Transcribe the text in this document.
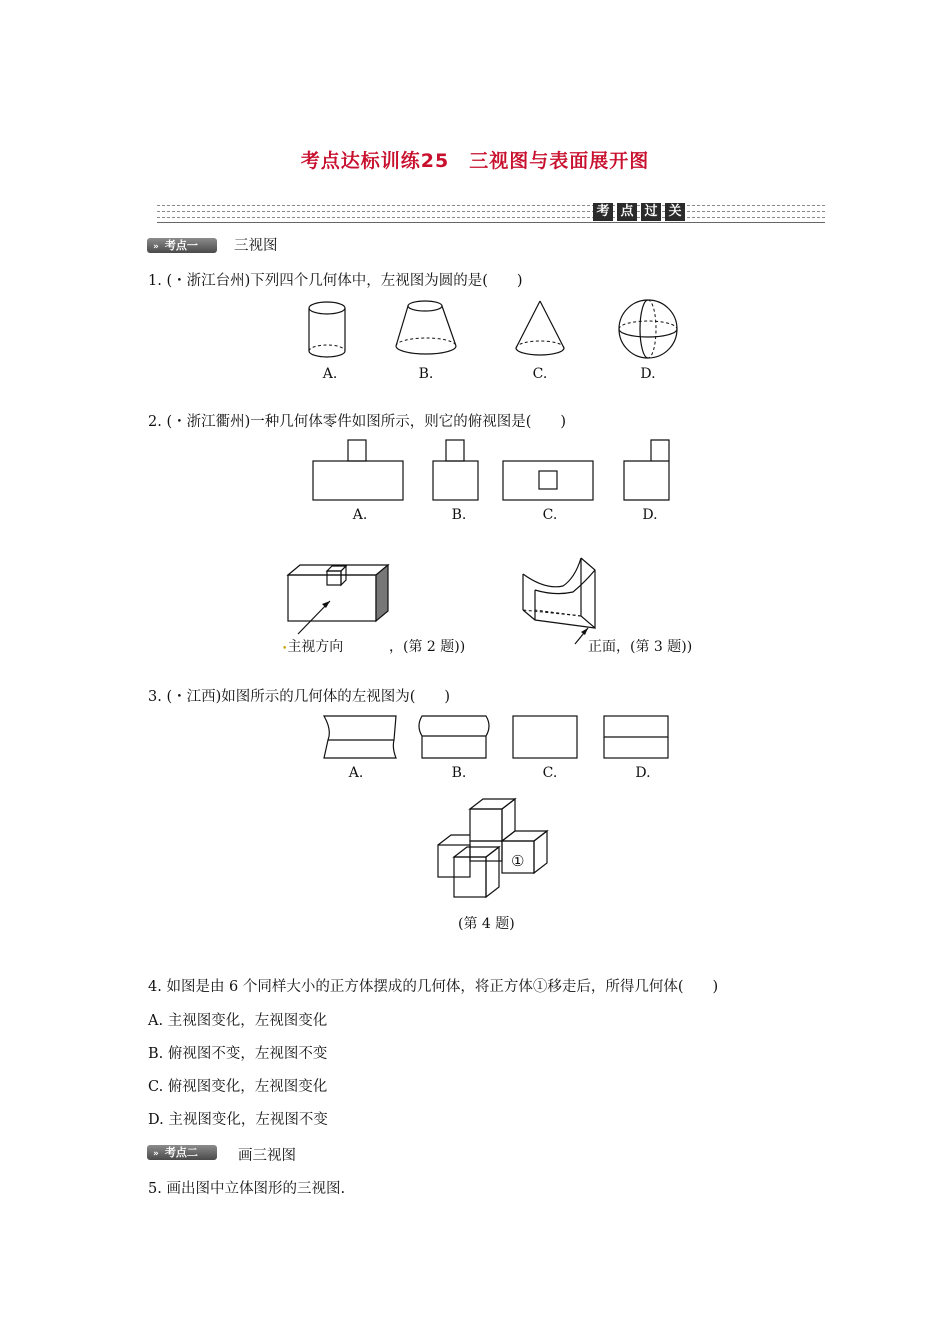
考点达标训练25　三视图与表面展开图
考 点 过 关
» 考点一	三视图
1. (・浙江台州)下列四个几何体中，左视图为圆的是(　　)
A.	B.	C.	D.
2. (・浙江衢州)一种几何体零件如图所示，则它的俯视图是(　　)
A.	B.	C.	D.
•主视方向	，(第 2 题))	正面，(第 3 题))
3. (・江西)如图所示的几何体的左视图为(　　)
A.	B.	C.	D.
①
(第 4 题)
4. 如图是由 6 个同样大小的正方体摆成的几何体，将正方体①移走后，所得几何体(　　)
A. 主视图变化，左视图变化
B. 俯视图不变，左视图不变
C. 俯视图变化，左视图变化
D. 主视图变化，左视图不变
» 考点二	画三视图
5. 画出图中立体图形的三视图.
